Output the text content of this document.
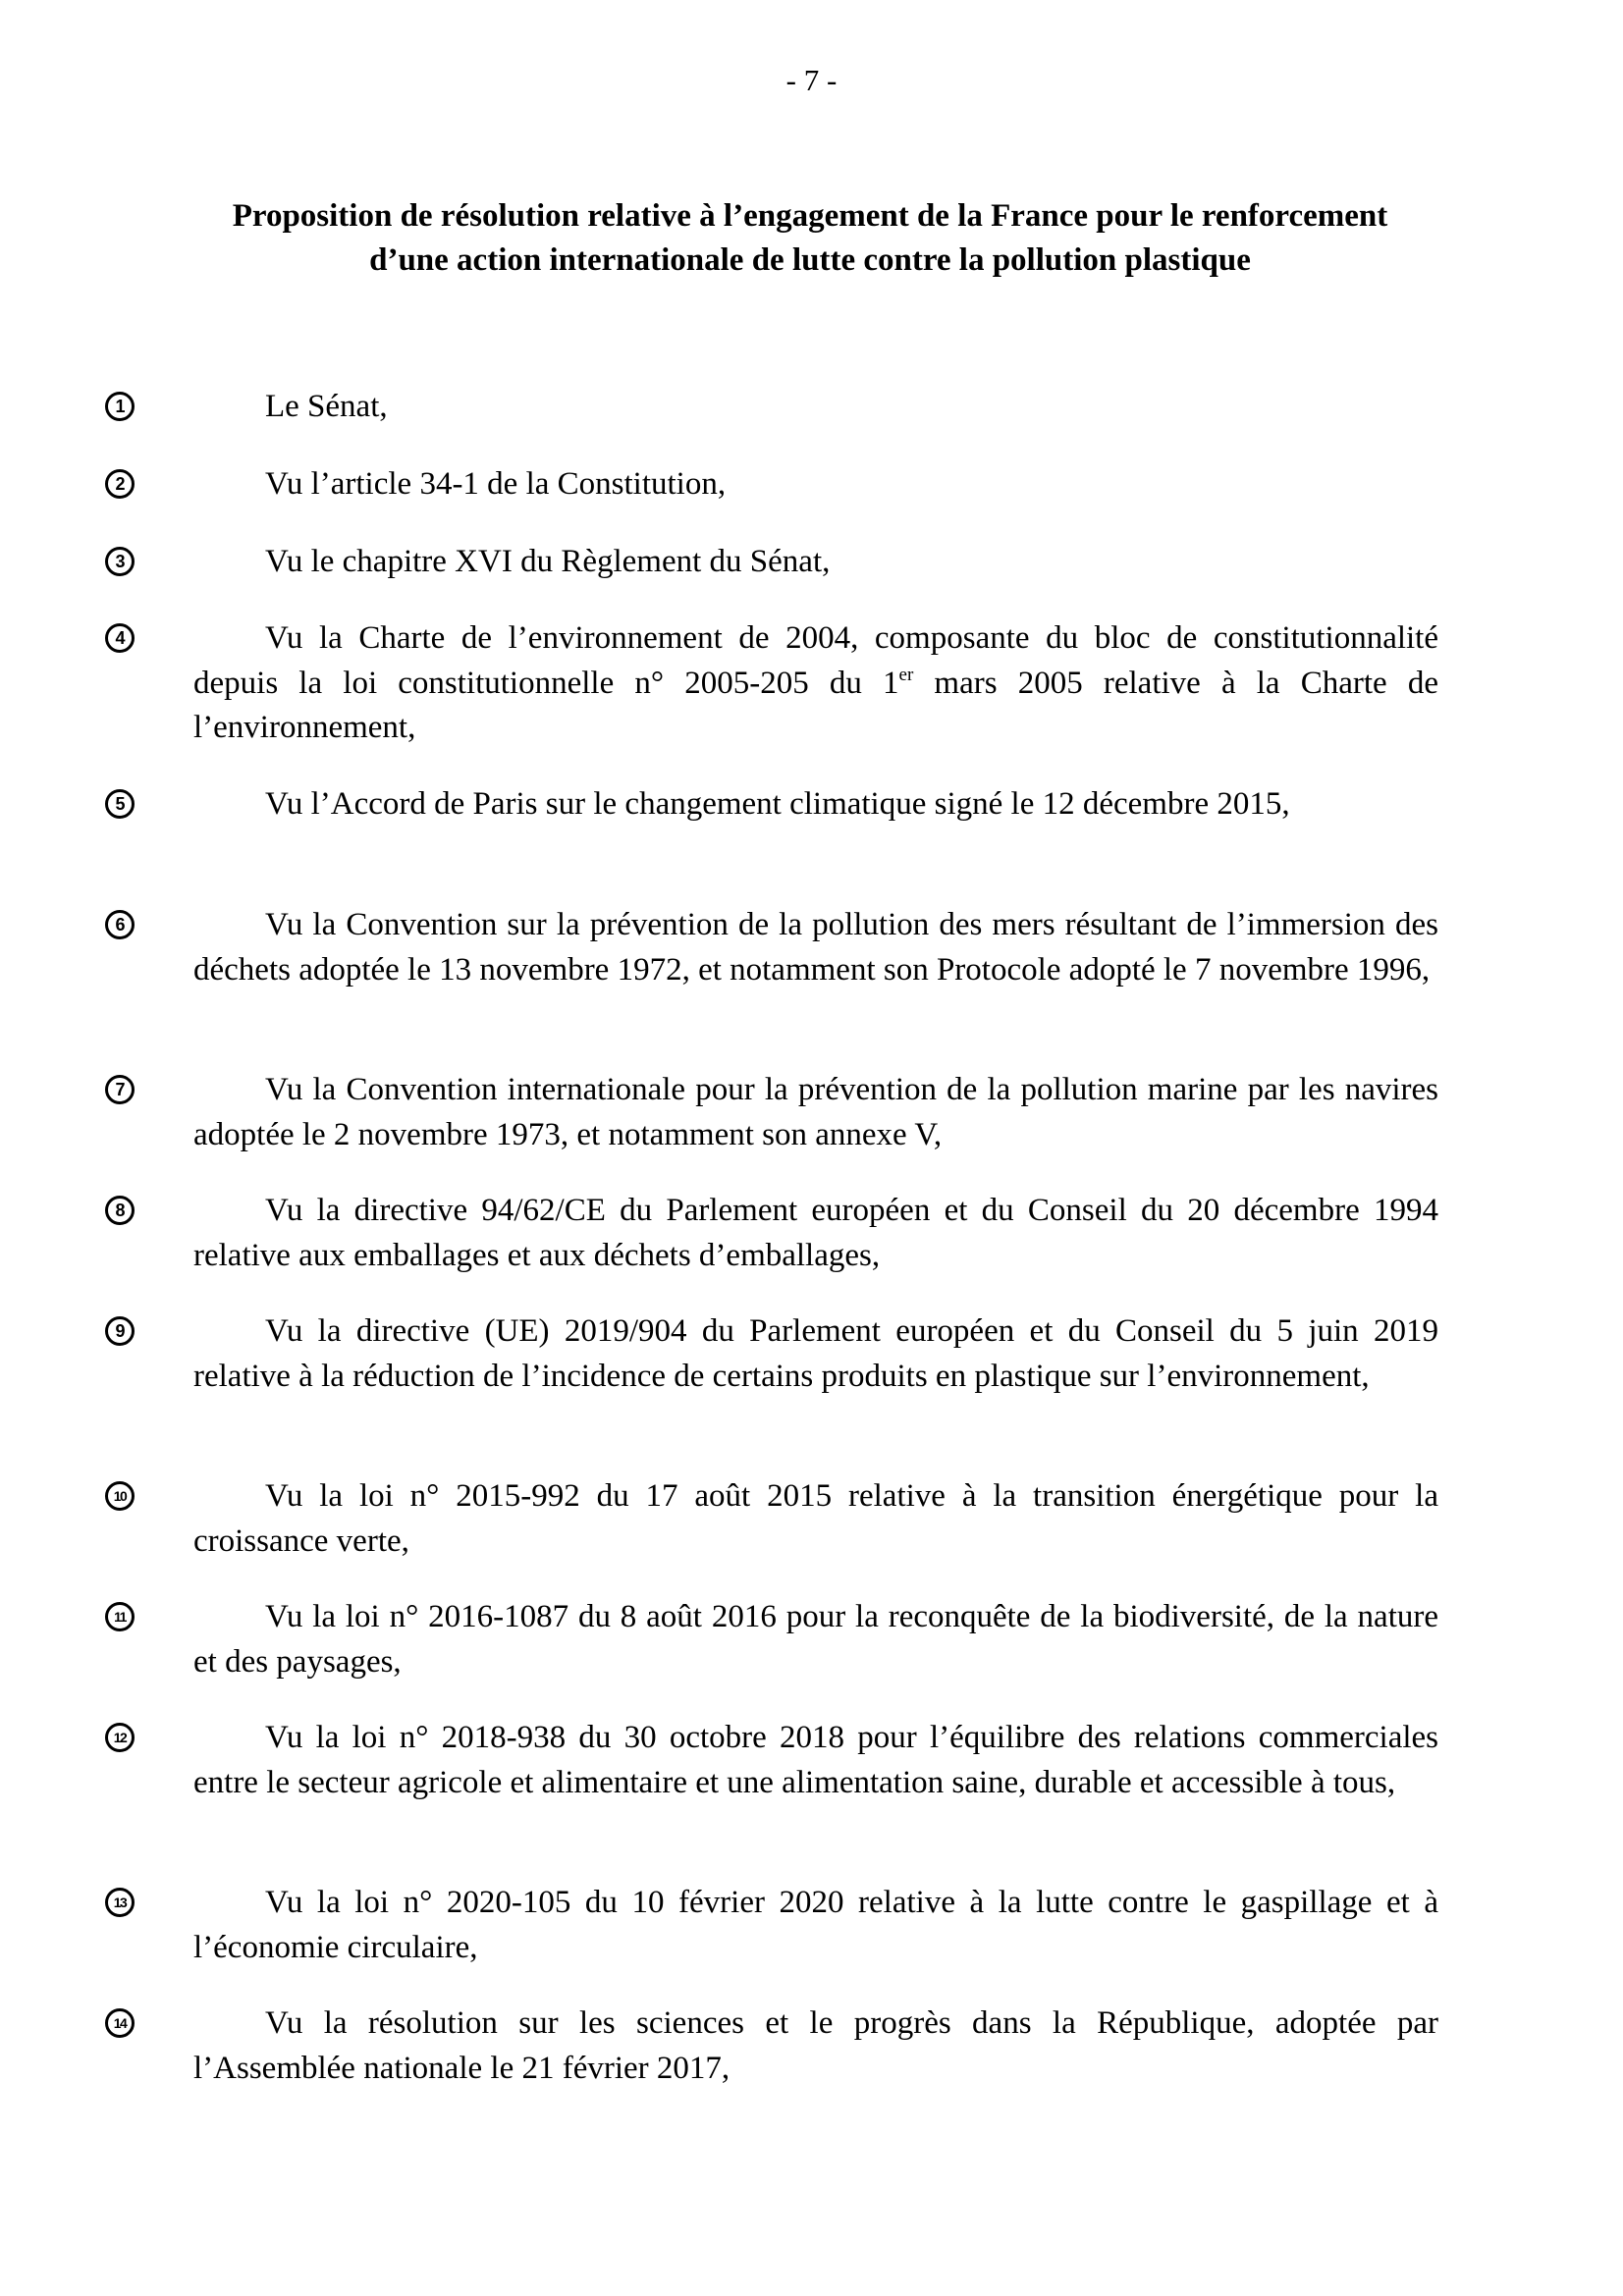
- 7 -
Proposition de résolution relative à l’engagement de la France pour le renforcement d’une action internationale de lutte contre la pollution plastique
1	Le Sénat,
2	Vu l’article 34-1 de la Constitution,
3	Vu le chapitre XVI du Règlement du Sénat,
4	Vu la Charte de l’environnement de 2004, composante du bloc de constitutionnalité depuis la loi constitutionnelle n° 2005-205 du 1er mars 2005 relative à la Charte de l’environnement,
5	Vu l’Accord de Paris sur le changement climatique signé le 12 décembre 2015,
6	Vu la Convention sur la prévention de la pollution des mers résultant de l’immersion des déchets adoptée le 13 novembre 1972, et notamment son Protocole adopté le 7 novembre 1996,
7	Vu la Convention internationale pour la prévention de la pollution marine par les navires adoptée le 2 novembre 1973, et notamment son annexe V,
8	Vu la directive 94/62/CE du Parlement européen et du Conseil du 20 décembre 1994 relative aux emballages et aux déchets d’emballages,
9	Vu la directive (UE) 2019/904 du Parlement européen et du Conseil du 5 juin 2019 relative à la réduction de l’incidence de certains produits en plastique sur l’environnement,
10	Vu la loi n° 2015-992 du 17 août 2015 relative à la transition énergétique pour la croissance verte,
11	Vu la loi n° 2016-1087 du 8 août 2016 pour la reconquête de la biodiversité, de la nature et des paysages,
12	Vu la loi n° 2018-938 du 30 octobre 2018 pour l’équilibre des relations commerciales entre le secteur agricole et alimentaire et une alimentation saine, durable et accessible à tous,
13	Vu la loi n° 2020-105 du 10 février 2020 relative à la lutte contre le gaspillage et à l’économie circulaire,
14	Vu la résolution sur les sciences et le progrès dans la République, adoptée par l’Assemblée nationale le 21 février 2017,
